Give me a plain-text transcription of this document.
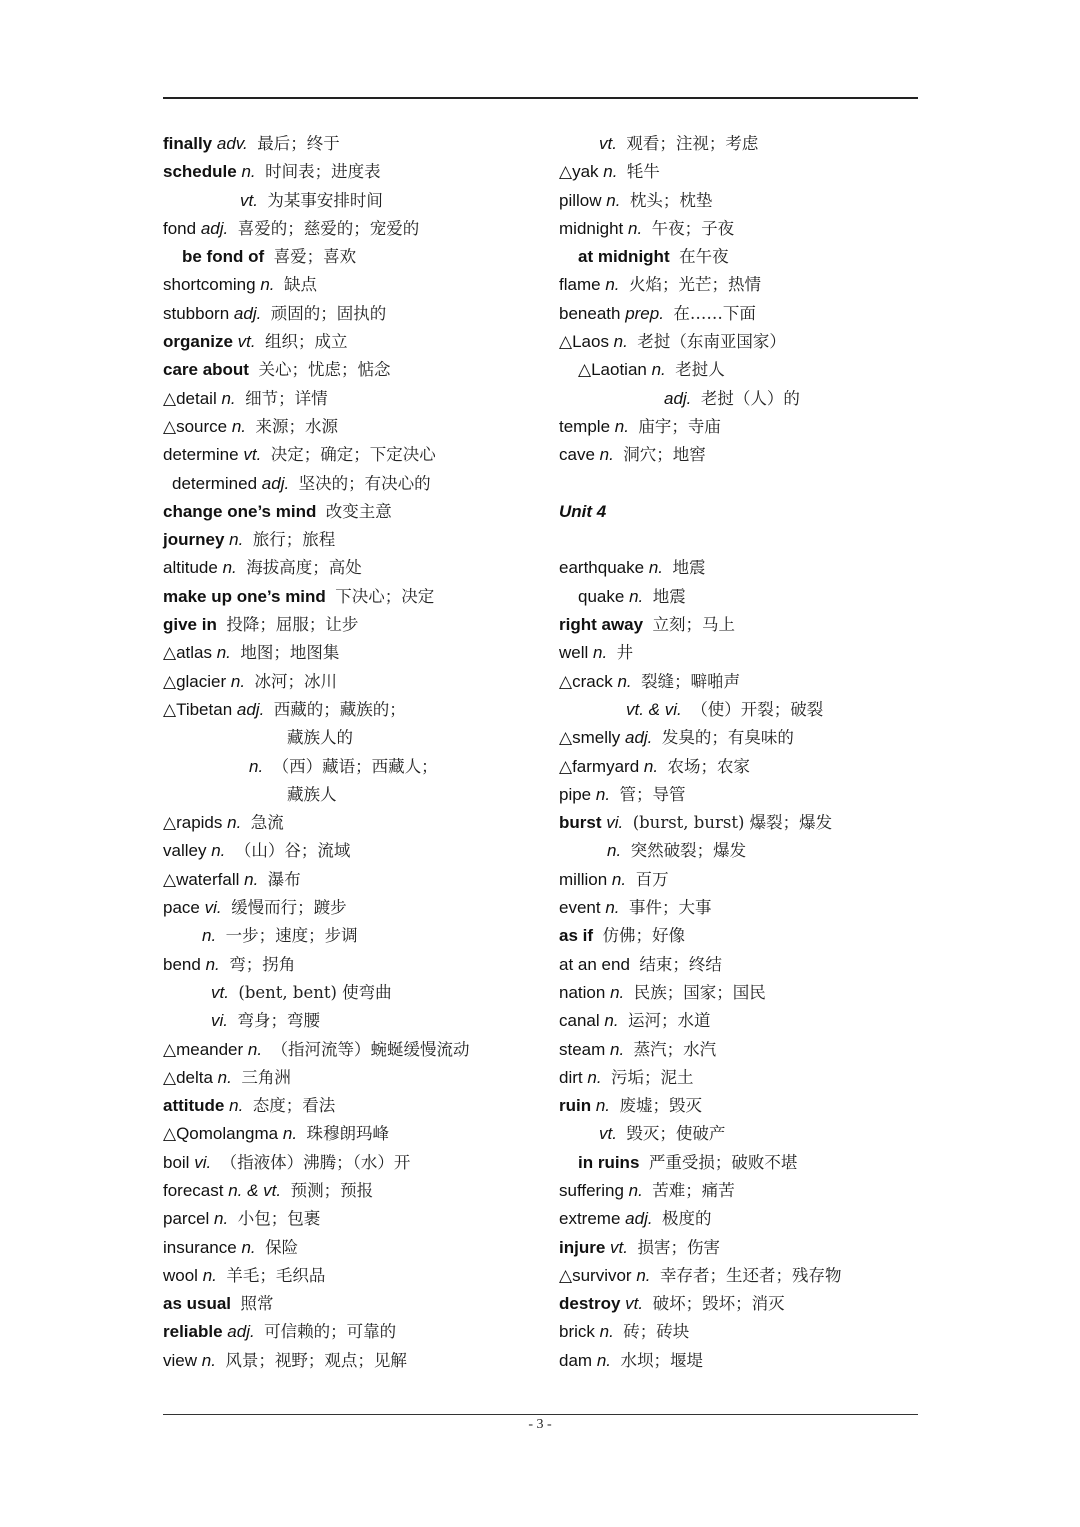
finally adv. 最后；终于
schedule n. 时间表；进度表
vt. 为某事安排时间
fond adj. 喜爱的；慈爱的；宠爱的
be fond of 喜爱；喜欢
shortcoming n. 缺点
stubborn adj. 顽固的；固执的
organize vt. 组织；成立
care about 关心；忧虑；惦念
△detail n. 细节；详情
△source n. 来源；水源
determine vt. 决定；确定；下定决心
determined adj. 坚决的；有决心的
change one’s mind 改变主意
journey n. 旅行；旅程
altitude n. 海拔高度；高处
make up one’s mind 下决心；决定
give in 投降；屈服；让步
△atlas n. 地图；地图集
△glacier n. 冰河；冰川
△Tibetan adj. 西藏的；藏族的；
藏族人的
n. （西）藏语；西藏人；
藏族人
△rapids n. 急流
valley n. （山）谷；流域
△waterfall n. 瀑布
pace vi. 缓慢而行；踱步
n. 一步；速度；步调
bend n. 弯；拐角
vt. (bent, bent) 使弯曲
vi. 弯身；弯腰
△meander n. （指河流等）蜿蜒缓慢流动
△delta n. 三角洲
attitude n. 态度；看法
△Qomolangma n. 珠穆朗玛峰
boil vi. （指液体）沸腾；（水）开
forecast n. & vt. 预测；预报
parcel n. 小包；包裹
insurance n. 保险
wool n. 羊毛；毛织品
as usual 照常
reliable adj. 可信赖的；可靠的
view n. 风景；视野；观点；见解
vt. 观看；注视；考虑
△yak n. 牦牛
pillow n. 枕头；枕垫
midnight n. 午夜；子夜
at midnight 在午夜
flame n. 火焰；光芒；热情
beneath prep. 在……下面
△Laos n. 老挝（东南亚国家）
△Laotian n. 老挝人
adj. 老挝（人）的
temple n. 庙宇；寺庙
cave n. 洞穴；地窖
Unit 4
earthquake n. 地震
quake n. 地震
right away 立刻；马上
well n. 井
△crack n. 裂缝；噼啪声
vt. & vi. （使）开裂；破裂
△smelly adj. 发臭的；有臭味的
△farmyard n. 农场；农家
pipe n. 管；导管
burst vi. (burst, burst) 爆裂；爆发
n. 突然破裂；爆发
million n. 百万
event n. 事件；大事
as if 仿佛；好像
at an end 结束；终结
nation n. 民族；国家；国民
canal n. 运河；水道
steam n. 蒸汽；水汽
dirt n. 污垢；泥土
ruin n. 废墟；毁灭
vt. 毁灭；使破产
in ruins 严重受损；破败不堪
suffering n. 苦难；痛苦
extreme adj. 极度的
injure vt. 损害；伤害
△survivor n. 幸存者；生还者；残存物
destroy vt. 破坏；毁坏；消灭
brick n. 砖；砖块
dam n. 水坝；堰堤
- 3 -
